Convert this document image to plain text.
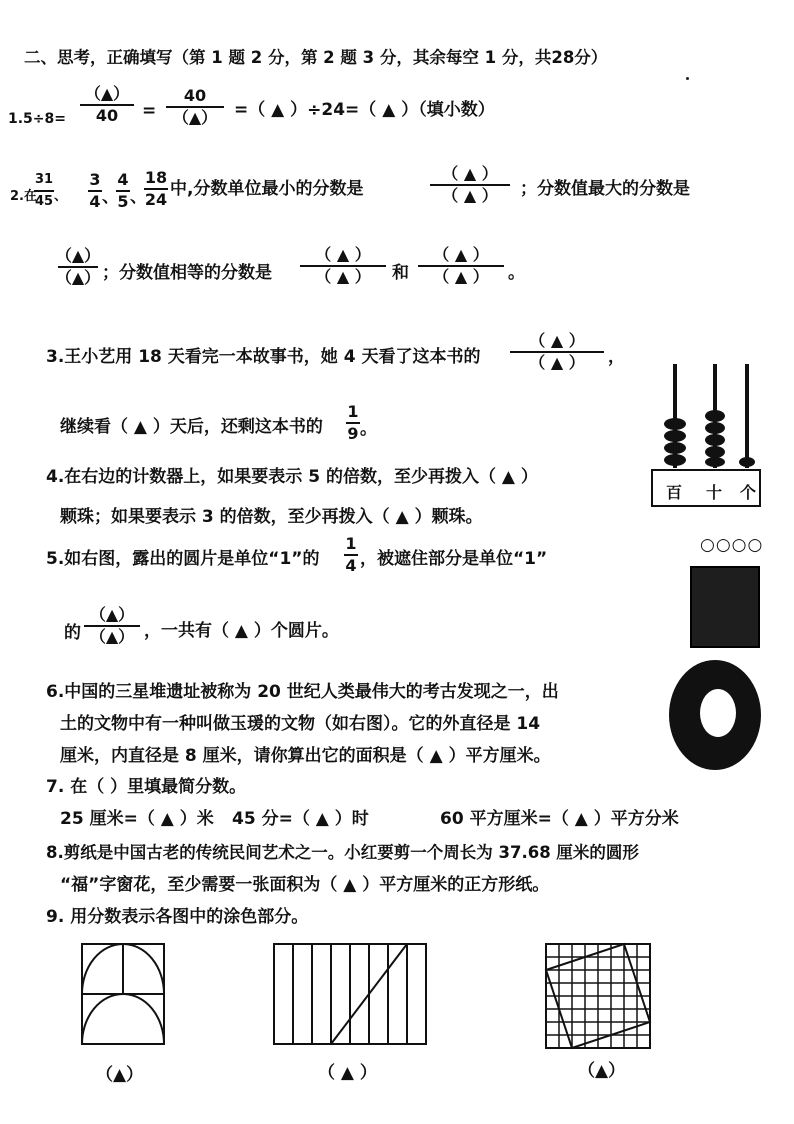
二、思考，正确填写（第 1 题 2 分，第 2 题 3 分，其余每空 1 分，共28分）
1.5÷8=
（▲）
40 =
40
（▲） =（ ▲ ）÷24=（ ▲ ）（填小数）
2.在
31
45 、
3
4 、
4
5 、
18
24
中,分数单位最小的分数是
（ ▲ ）
（ ▲ ） ；分数值最大的分数是
（▲）
（▲） ；分数值相等的分数是
（ ▲ ）
（ ▲ ） 和
（ ▲ ）
（ ▲ ） 。
3.王小艺用 18 天看完一本故事书，她 4 天看了这本书的
（ ▲ ）
（ ▲ ） ，
继续看（ ▲ ）天后，还剩这本书的
1
9 。
百 十 个
4.在右边的计数器上，如果要表示 5 的倍数，至少再拨入（ ▲ ）
颗珠；如果要表示 3 的倍数，至少再拨入（ ▲ ）颗珠。
5.如右图，露出的圆片是单位“1”的
1
4 ，被遮住部分是单位“1”
的
（▲）
（▲） ，一共有（ ▲ ）个圆片。
○○○○
6.中国的三星堆遗址被称为 20 世纪人类最伟大的考古发现之一，出
土的文物中有一种叫做玉瑗的文物（如右图）。它的外直径是 14
厘米，内直径是 8 厘米，请你算出它的面积是（ ▲ ）平方厘米。
7. 在（ ）里填最简分数。
25 厘米=（ ▲ ）米 45 分=（ ▲ ）时	60 平方厘米=（ ▲ ）平方分米
8.剪纸是中国古老的传统民间艺术之一。小红要剪一个周长为 37.68 厘米的圆形
“福”字窗花，至少需要一张面积为（ ▲ ）平方厘米的正方形纸。
9. 用分数表示各图中的涂色部分。
（▲）	（ ▲ ）	（▲）
